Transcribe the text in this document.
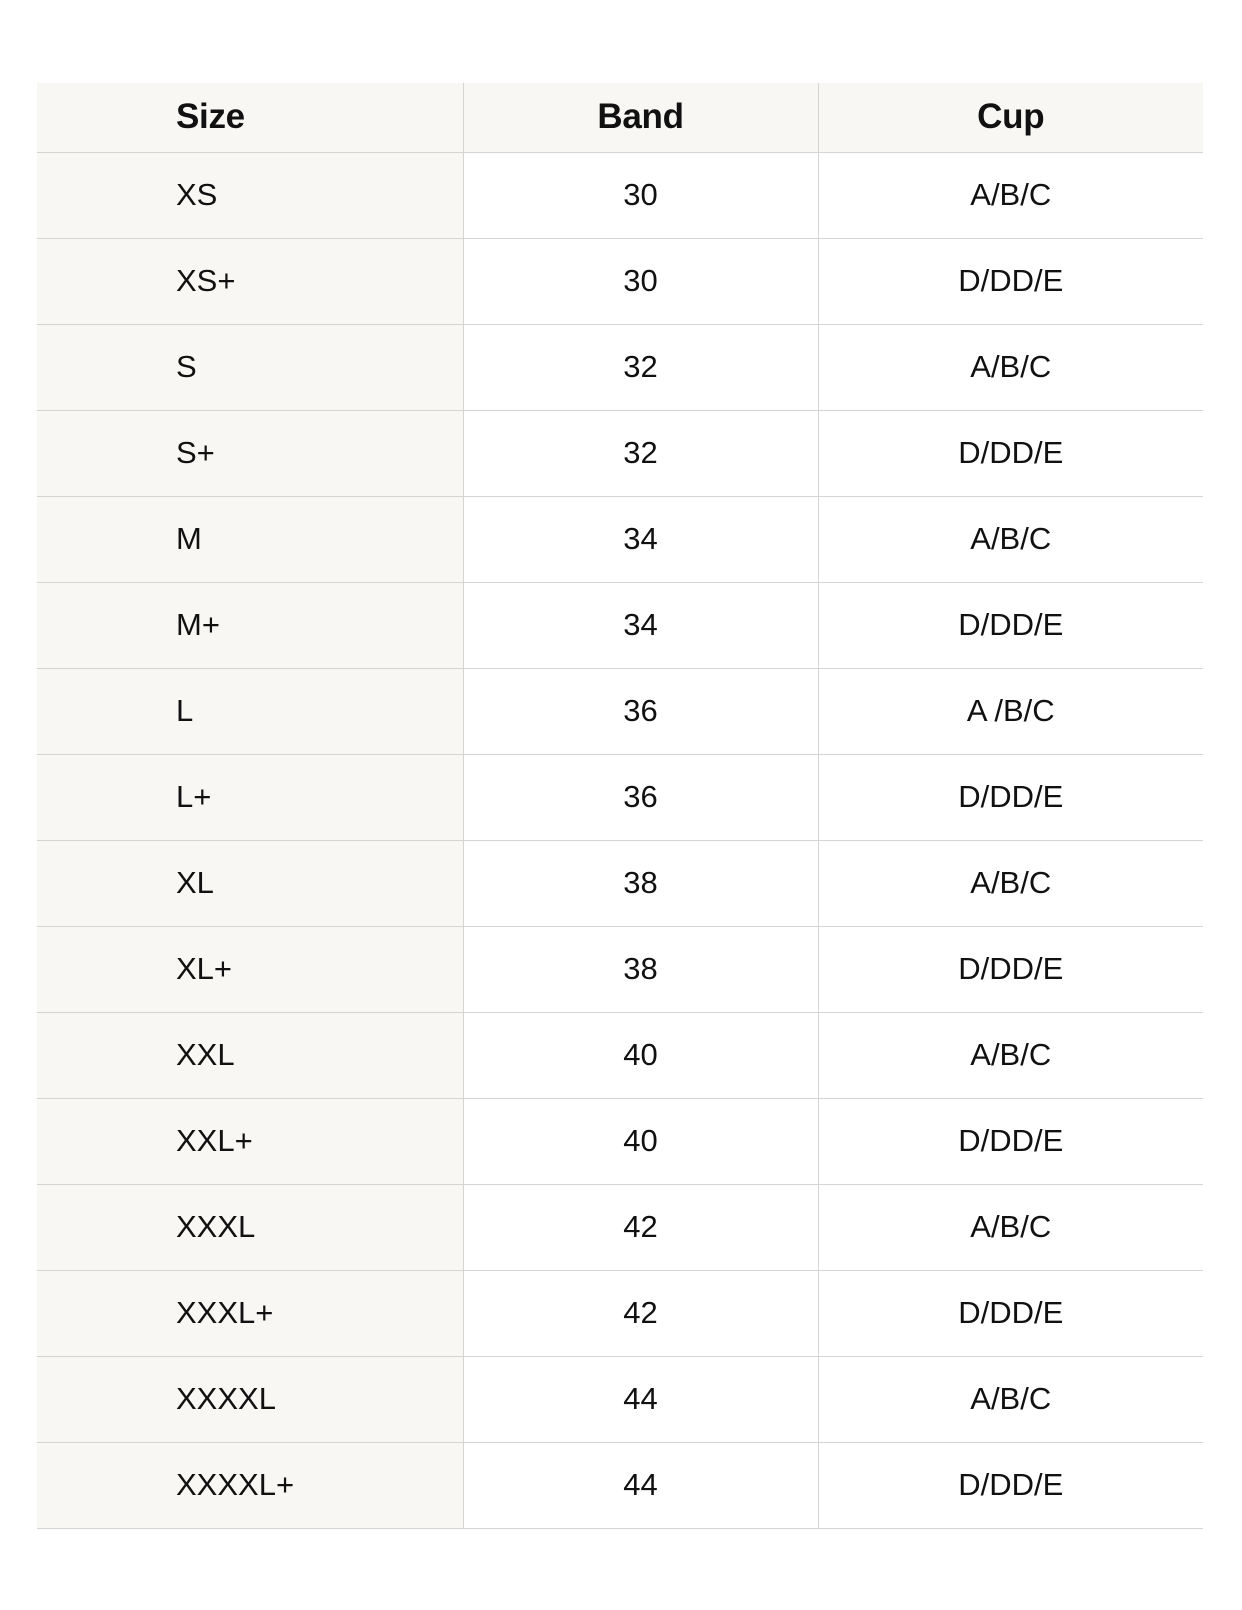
Size	Band	Cup
XS	30	A/B/C
XS+	30	D/DD/E
S	32	A/B/C
S+	32	D/DD/E
M	34	A/B/C
M+	34	D/DD/E
L	36	A /B/C
L+	36	D/DD/E
XL	38	A/B/C
XL+	38	D/DD/E
XXL	40	A/B/C
XXL+	40	D/DD/E
XXXL	42	A/B/C
XXXL+	42	D/DD/E
XXXXL	44	A/B/C
XXXXL+	44	D/DD/E
